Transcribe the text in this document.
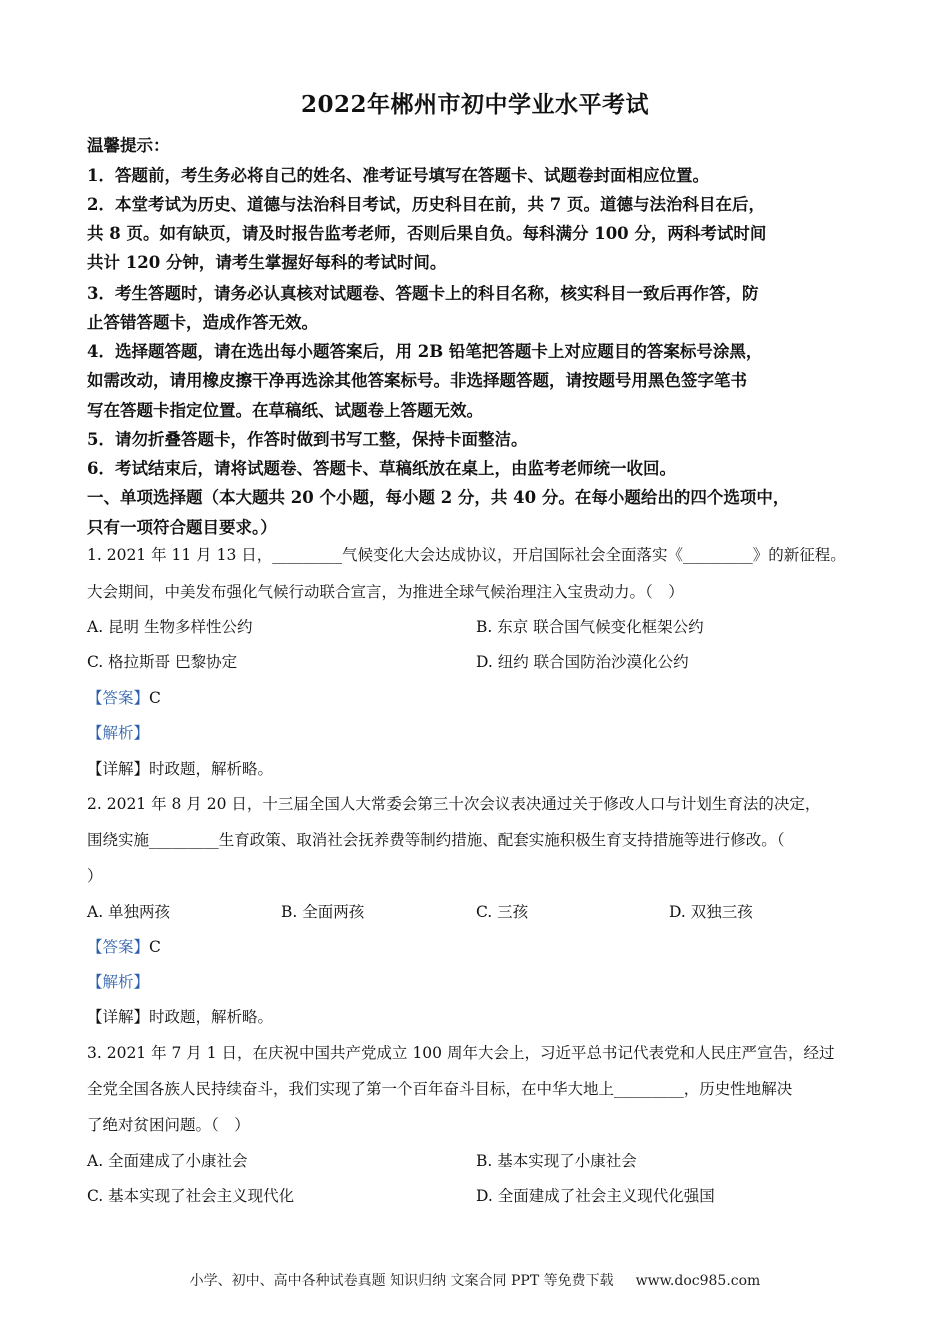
2022年郴州市初中学业水平考试
温馨提示：
1．答题前，考生务必将自己的姓名、准考证号填写在答题卡、试题卷封面相应位置。
2．本堂考试为历史、道德与法治科目考试，历史科目在前，共 7 页。道德与法治科目在后，
共 8 页。如有缺页，请及时报告监考老师，否则后果自负。每科满分 100 分，两科考试时间
共计 120 分钟，请考生掌握好每科的考试时间。
3．考生答题时，请务必认真核对试题卷、答题卡上的科目名称，核实科目一致后再作答，防
止答错答题卡，造成作答无效。
4．选择题答题，请在选出每小题答案后，用 2B 铅笔把答题卡上对应题目的答案标号涂黑，
如需改动，请用橡皮擦干净再选涂其他答案标号。非选择题答题，请按题号用黑色签字笔书
写在答题卡指定位置。在草稿纸、试题卷上答题无效。
5．请勿折叠答题卡，作答时做到书写工整，保持卡面整洁。
6．考试结束后，请将试题卷、答题卡、草稿纸放在桌上，由监考老师统一收回。
一、单项选择题（本大题共 20 个小题，每小题 2 分，共 40 分。在每小题给出的四个选项中，
只有一项符合题目要求。）
1. 2021 年 11 月 13 日，_________气候变化大会达成协议，开启国际社会全面落实《_________》的新征程。
大会期间，中美发布强化气候行动联合宣言，为推进全球气候治理注入宝贵动力。（　）
A. 昆明 生物多样性公约	B. 东京 联合国气候变化框架公约
C. 格拉斯哥 巴黎协定	D. 纽约 联合国防治沙漠化公约
【答案】C
【解析】
【详解】时政题，解析略。
2. 2021 年 8 月 20 日，十三届全国人大常委会第三十次会议表决通过关于修改人口与计划生育法的决定，
围绕实施_________生育政策、取消社会抚养费等制约措施、配套实施积极生育支持措施等进行修改。（
）
A. 单独两孩	B. 全面两孩	C. 三孩	D. 双独三孩
【答案】C
【解析】
【详解】时政题，解析略。
3. 2021 年 7 月 1 日，在庆祝中国共产党成立 100 周年大会上，习近平总书记代表党和人民庄严宣告，经过
全党全国各族人民持续奋斗，我们实现了第一个百年奋斗目标，在中华大地上_________，历史性地解决
了绝对贫困问题。（　）
A. 全面建成了小康社会	B. 基本实现了小康社会
C. 基本实现了社会主义现代化	D. 全面建成了社会主义现代化强国
小学、初中、高中各种试卷真题 知识归纳 文案合同 PPT 等免费下载 www.doc985.com
